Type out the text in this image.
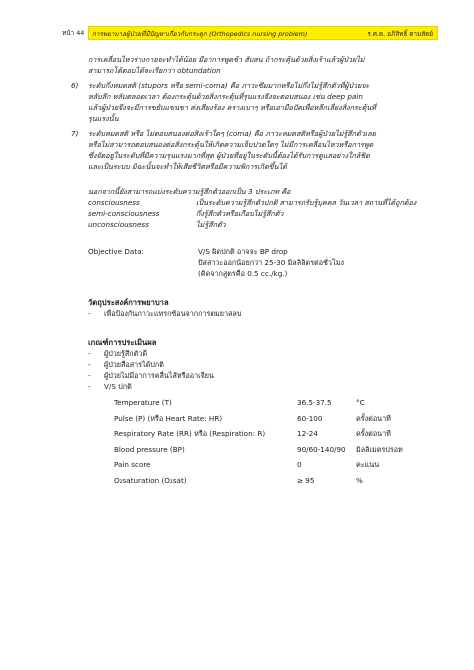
หน้า 44 การพยาบาลผู้ป่วยที่มีปัญหาเกี่ยวกับกระดูก (Orthopedics nursing problem)	ร.ศ.ต. อภิสิทธิ์ ตามสัตย์
การเคลื่อนไหวร่างกายจะทำได้น้อย มีอาการพูดช้า สับสน ถ้ากระตุ้นด้วยสิ่งเร้าแล้วผู้ป่วยไม่
สามารถโต้ตอบได้จะเรียกว่า obtundation
6) ระดับกึ่งหมดสติ (stupors หรือ semi-coma) คือ ภาวะซึมมากหรือไม่กึ่งไม่รู้สึกตัวที่ผู้ป่วยจะ
หลับลึก หลับตลอดเวลา ต้องกระตุ้นด้วยสิ่งกระตุ้นที่รุนแรงจึงจะตอบสนอง เช่น deep pain
แล้วผู้ป่วยจึงจะมีการขยับแขนขา ส่งเสียงร้อง ครางเบาๆ หรือเอามือปัดเพื่อหลีกเลี่ยงสิ่งกระตุ้นที่
รุนแรงนั้น
7) ระดับหมดสติ หรือ ไม่ตอบสนองต่อสิ่งเร้าใดๆ (coma) คือ ภาวะหมดสติหรือผู้ป่วยไม่รู้สึกตัวเลย
หรือไม่สามารถตอบสนองต่อสิ่งกระตุ้นให้เกิดความเจ็บปวดใดๆ ไม่มีการเคลื่อนไหวหรือการพูด
ซึ่งจัดอยู่ในระดับที่มีความรุนแรงมากที่สุด ผู้ป่วยที่อยู่ในระดับนี้ต้องได้รับการดูแลอย่างใกล้ชิด
และเป็นระบบ มิฉะนั้นจะทำให้เสียชีวิตหรือมีความพิการเกิดขึ้นได้
นอกจากนี้ยังสามารถแบ่งระดับความรู้สึกตัวออกเป็น 3 ประเภท คือ
consciousness	เป็นระดับความรู้สึกตัวปกติ สามารถรับรู้บุคคล วันเวลา สถานที่ได้ถูกต้อง
semi-consciousness	กึ่งรู้สึกตัวหรือเกือบไม่รู้สึกตัว
unconsciousness	ไม่รู้สึกตัว
Objective Data:	V/S ผิดปกติ อาจจะ BP drop
ปัสสาวะออกน้อยกว่า 25-30 มิลลิลิตรต่อชั่วโมง
(คิดจากสูตรคือ 0.5 cc./kg.)
วัตถุประสงค์การพยาบาล
-	เพื่อป้องกันภาวะแทรกซ้อนจากการตมยาสลบ
เกณฑ์การประเมินผล
-	ผู้ป่วยรู้สึกตัวดี
-	ผู้ป่วยสื่อสารได้ปกติ
-	ผู้ป่วยไม่มีอาการคลื่นไส้หรืออาเจียน
-	V/S ปกติ
Temperature (T)	36.5-37.5	°C
Pulse (P) (หรือ Heart Rate: HR)	60-100	ครั้งต่อนาที
Respiratory Rate (RR) หรือ (Respiration: R)	12-24	ครั้งต่อนาที
Blood pressure (BP)	90/60-140/90	มิลลิเมตรปรอท
Pain score	0	คะแนน
O₂saturation (O₂sat)	≥ 95	%
